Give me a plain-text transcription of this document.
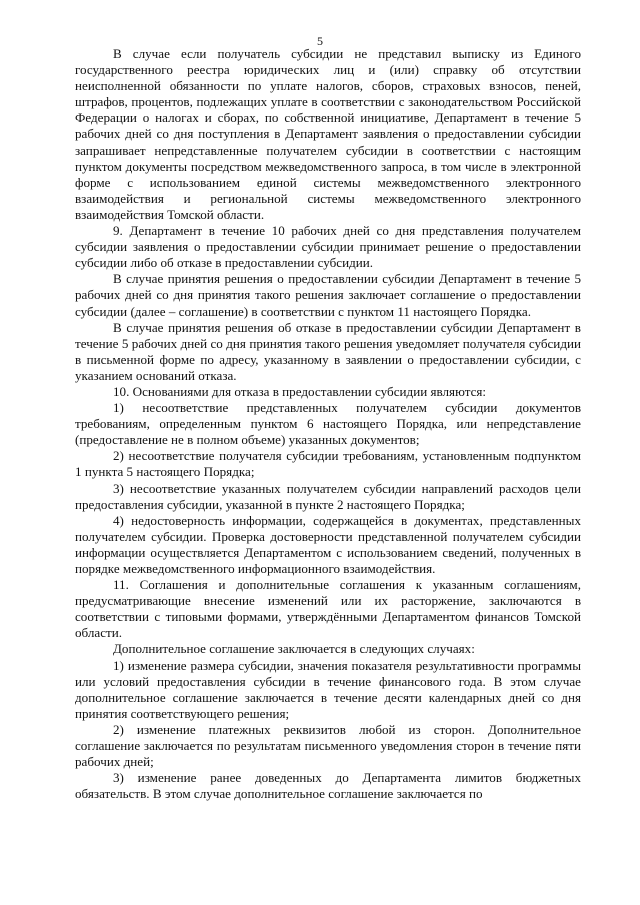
5

В случае если получатель субсидии не представил выписку из Единого государственного реестра юридических лиц и (или) справку об отсутствии неисполненной обязанности по уплате налогов, сборов, страховых взносов, пеней, штрафов, процентов, подлежащих уплате в соответствии с законодательством Российской Федерации о налогах и сборах, по собственной инициативе, Департамент в течение 5 рабочих дней со дня поступления в Департамент заявления о предоставлении субсидии запрашивает непредставленные получателем субсидии в соответствии с настоящим пунктом документы посредством межведомственного запроса, в том числе в электронной форме с использованием единой системы межведомственного электронного взаимодействия и региональной системы межведомственного электронного взаимодействия Томской области.

9. Департамент в течение 10 рабочих дней со дня представления получателем субсидии заявления о предоставлении субсидии принимает решение о предоставлении субсидии либо об отказе в предоставлении субсидии.

В случае принятия решения о предоставлении субсидии Департамент в течение 5 рабочих дней со дня принятия такого решения заключает соглашение о предоставлении субсидии (далее – соглашение) в соответствии с пунктом 11 настоящего Порядка.

В случае принятия решения об отказе в предоставлении субсидии Департамент в течение 5 рабочих дней со дня принятия такого решения уведомляет получателя субсидии в письменной форме по адресу, указанному в заявлении о предоставлении субсидии, с указанием оснований отказа.

10. Основаниями для отказа в предоставлении субсидии являются:

1) несоответствие представленных получателем субсидии документов требованиям, определенным пунктом 6 настоящего Порядка, или непредставление (предоставление не в полном объеме) указанных документов;

2) несоответствие получателя субсидии требованиям, установленным подпунктом 1 пункта 5 настоящего Порядка;

3) несоответствие указанных получателем субсидии направлений расходов цели предоставления субсидии, указанной в пункте 2 настоящего Порядка;

4) недостоверность информации, содержащейся в документах, представленных получателем субсидии. Проверка достоверности представленной получателем субсидии информации осуществляется Департаментом с использованием сведений, полученных в порядке межведомственного информационного взаимодействия.

11. Соглашения и дополнительные соглашения к указанным соглашениям, предусматривающие внесение изменений или их расторжение, заключаются в соответствии с типовыми формами, утверждёнными Департаментом финансов Томской области.

Дополнительное соглашение заключается в следующих случаях:

1) изменение размера субсидии, значения показателя результативности программы или условий предоставления субсидии в течение финансового года. В этом случае дополнительное соглашение заключается в течение десяти календарных дней со дня принятия соответствующего решения;

2) изменение платежных реквизитов любой из сторон. Дополнительное соглашение заключается по результатам письменного уведомления сторон в течение пяти рабочих дней;

3) изменение ранее доведенных до Департамента лимитов бюджетных обязательств. В этом случае дополнительное соглашение заключается по
